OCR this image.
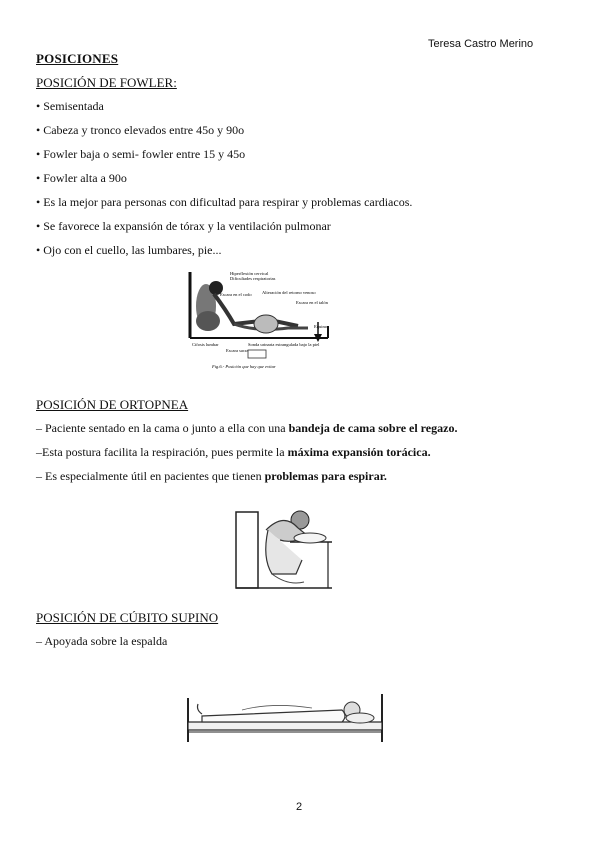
Teresa Castro Merino
POSICIONES
POSICIÓN DE FOWLER:
• Semisentada
• Cabeza y tronco elevados entre 45o y 90o
• Fowler baja o semi- fowler entre 15 y 45o
• Fowler alta a 90o
• Es la mejor para personas con dificultad para respirar y problemas cardiacos.
• Se favorece la expansión de tórax y la ventilación pulmonar
• Ojo con el cuello, las lumbares, pie...
Hiperflexión cervical
Dificultades respiratorias
Escara en el codo Alteración del retorno venoso
Escara en el talón
Equino
Cifosis lumbar
Escara sacra
Sonda urinaria estrangulada bajo la piel
Fig.6.- Posición que hay que evitar
POSICIÓN DE ORTOPNEA
– Paciente sentado en la cama o junto a ella con una bandeja de cama sobre el regazo.
–Esta postura facilita la respiración, pues permite la máxima expansión torácica.
– Es especialmente útil en pacientes que tienen problemas para espirar.
POSICIÓN DE CÚBITO SUPINO
– Apoyada sobre la espalda
2
